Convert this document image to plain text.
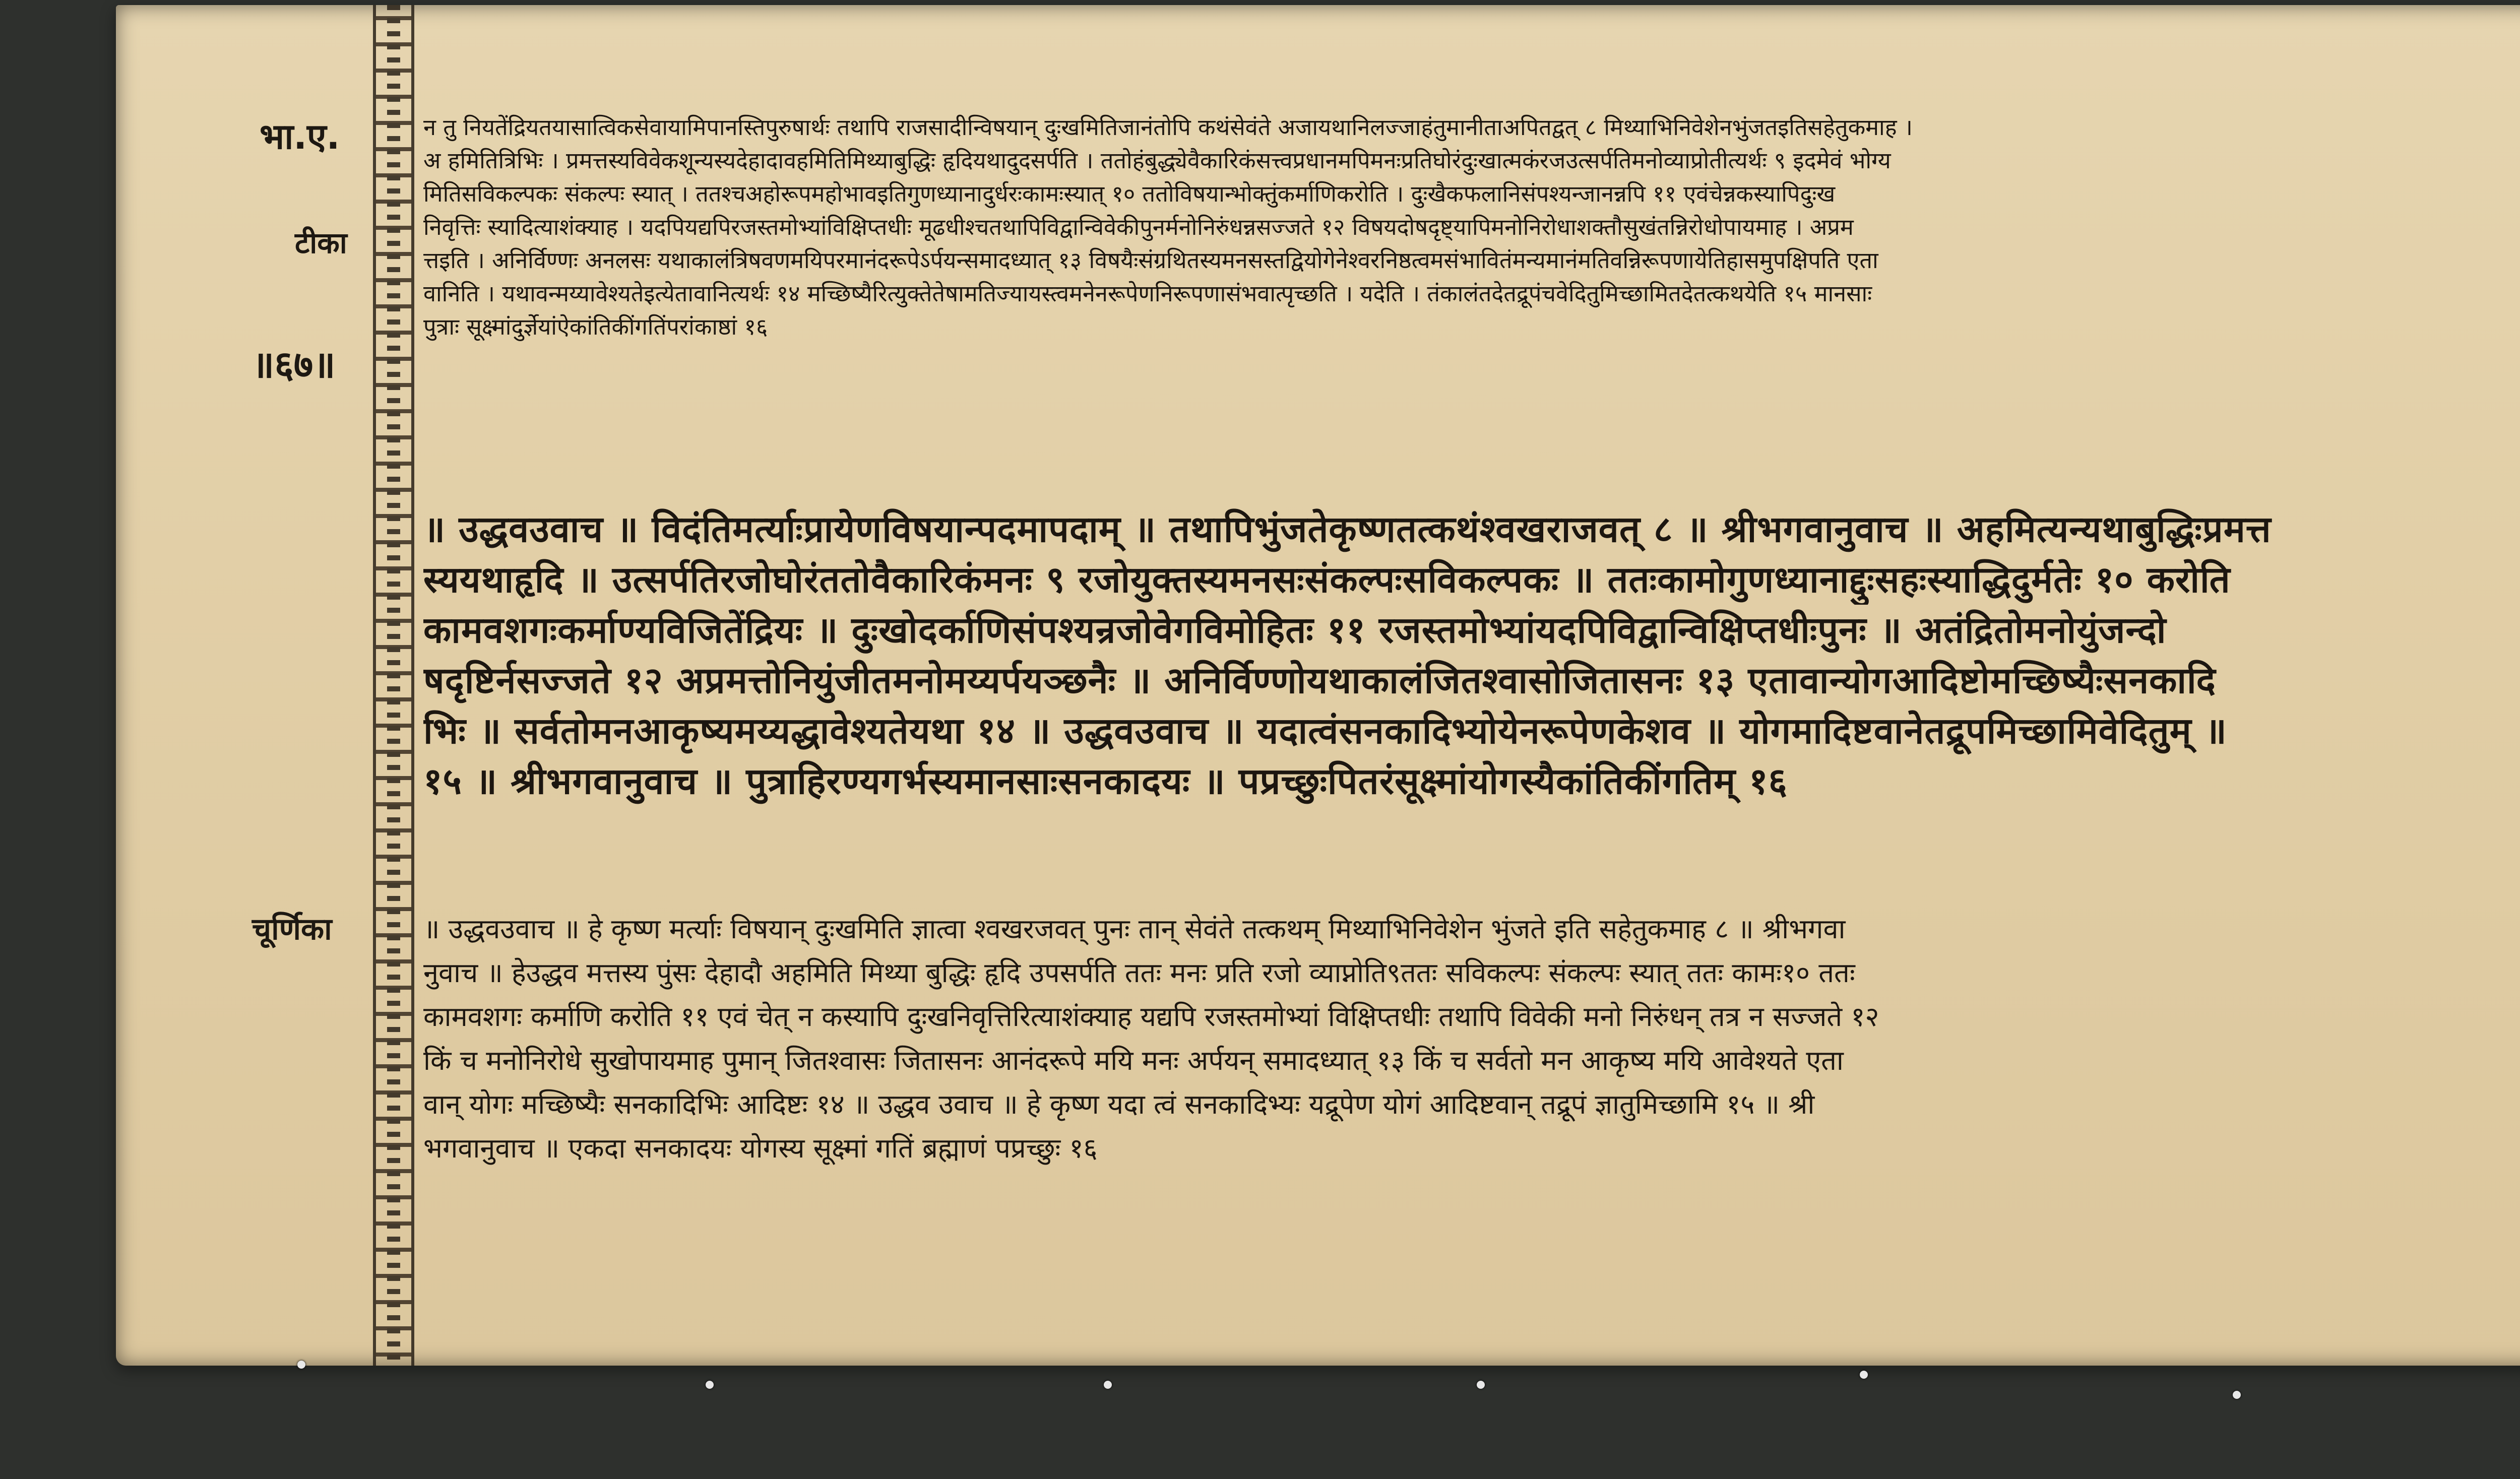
भा.ए.
टीका
॥६७॥
चूर्णिका

न तु नियतेंद्रियतयासात्विकसेवायामिपानस्तिपुरुषार्थः तथापि राजसादीन्विषयान् दुःखमितिजानंतोपि कथंसेवंते अजायथानिलज्जाहंतुमानीताअपितद्वत् ८ मिथ्याभिनिवेशेनभुंजतइतिसहेतुकमाह ।

अ हमितित्रिभिः । प्रमत्तस्यविवेकशून्यस्यदेहादावहमितिमिथ्याबुद्धिः हृदियथादुदसर्पति । ततोहंबुद्ध्येवैकारिकंसत्त्वप्रधानमपिमनःप्रतिघोरंदुःखात्मकंरजउत्सर्पतिमनोव्याप्रोतीत्यर्थः ९ इदमेवं भोग्य

मितिसविकल्पकः संकल्पः स्यात् । ततश्चअहोरूपमहोभावइतिगुणध्यानादुर्धरःकामःस्यात् १० ततोविषयान्भोक्तुंकर्माणिकरोति । दुःखैकफलानिसंपश्यन्जानन्नपि ११ एवंचेन्नकस्यापिदुःख

निवृत्तिः स्यादित्याशंक्याह । यदपियद्यपिरजस्तमोभ्यांविक्षिप्तधीः मूढधीश्चतथापिविद्वान्विवेकीपुनर्मनोनिरुंधन्नसज्जते १२ विषयदोषदृष्ट्यापिमनोनिरोधाशक्तौसुखंतन्निरोधोपायमाह । अप्रम

त्तइति । अनिर्विण्णः अनलसः यथाकालंत्रिषवणमयिपरमानंदरूपेऽर्पयन्समादध्यात् १३ विषयैःसंग्रथितस्यमनसस्तद्वियोगेनेश्वरनिष्ठत्वमसंभावितंमन्यमानंमतिवन्निरूपणायेतिहासमुपक्षिपति एता

वानिति । यथावन्मय्यावेश्यतेइत्येतावानित्यर्थः १४ मच्छिष्यैरित्युक्तेतेषामतिज्यायस्त्वमनेनरूपेणनिरूपणासंभवात्पृच्छति । यदेति । तंकालंतदेतद्रूपंचवेदितुमिच्छामितदेतत्कथयेति १५ मानसाः

पुत्राः सूक्ष्मांदुर्ज्ञेयांऐकांतिकींगतिंपरांकाष्ठां १६

॥ उद्धवउवाच ॥ विदंतिमर्त्याःप्रायेणविषयान्पदमापदाम् ॥ तथापिभुंजतेकृष्णतत्कथंश्वखराजवत् ८ ॥ श्रीभगवानुवाच ॥ अहमित्यन्यथाबुद्धिःप्रमत्त

स्ययथाहृदि ॥ उत्सर्पतिरजोघोरंततोवैकारिकंमनः ९ रजोयुक्तस्यमनसःसंकल्पःसविकल्पकः ॥ ततःकामोगुणध्यानाद्दुःसहःस्याद्धिदुर्मतेः १० करोति

कामवशगःकर्माण्यविजितेंद्रियः ॥ दुःखोदर्काणिसंपश्यन्रजोवेगविमोहितः ११ रजस्तमोभ्यांयदपिविद्वान्विक्षिप्तधीःपुनः ॥ अतंद्रितोमनोयुंजन्दो

षदृष्टिर्नसज्जते १२ अप्रमत्तोनियुंजीतमनोमय्यर्पयञ्छनैः ॥ अनिर्विण्णोयथाकालंजितश्वासोजितासनः १३ एतावान्योगआदिष्टोमच्छिष्यैःसनकादि

भिः ॥ सर्वतोमनआकृष्यमय्यद्धावेश्यतेयथा १४ ॥ उद्धवउवाच ॥ यदात्वंसनकादिभ्योयेनरूपेणकेशव ॥ योगमादिष्टवानेतद्रूपमिच्छामिवेदितुम् ॥

१५ ॥ श्रीभगवानुवाच ॥ पुत्राहिरण्यगर्भस्यमानसाःसनकादयः ॥ पप्रच्छुःपितरंसूक्ष्मांयोगस्यैकांतिकींगतिम् १६

॥ उद्धवउवाच ॥ हे कृष्ण मर्त्याः विषयान् दुःखमिति ज्ञात्वा श्वखरजवत् पुनः तान् सेवंते तत्कथम् मिथ्याभिनिवेशेन भुंजते इति सहेतुकमाह ८ ॥ श्रीभगवा

नुवाच ॥ हेउद्धव मत्तस्य पुंसः देहादौ अहमिति मिथ्या बुद्धिः हृदि उपसर्पति ततः मनः प्रति रजो व्याप्नोति९ततः सविकल्पः संकल्पः स्यात् ततः कामः१० ततः

कामवशगः कर्माणि करोति ११ एवं चेत् न कस्यापि दुःखनिवृत्तिरित्याशंक्याह यद्यपि रजस्तमोभ्यां विक्षिप्तधीः तथापि विवेकी मनो निरुंधन् तत्र न सज्जते १२

किं च मनोनिरोधे सुखोपायमाह पुमान् जितश्वासः जितासनः आनंदरूपे मयि मनः अर्पयन् समादध्यात् १३ किं च सर्वतो मन आकृष्य मयि आवेश्यते एता

वान् योगः मच्छिष्यैः सनकादिभिः आदिष्टः १४ ॥ उद्धव उवाच ॥ हे कृष्ण यदा त्वं सनकादिभ्यः यद्रूपेण योगं आदिष्टवान् तद्रूपं ज्ञातुमिच्छामि १५ ॥ श्री

भगवानुवाच ॥ एकदा सनकादयः योगस्य सूक्ष्मां गतिं ब्रह्माणं पप्रच्छुः १६
